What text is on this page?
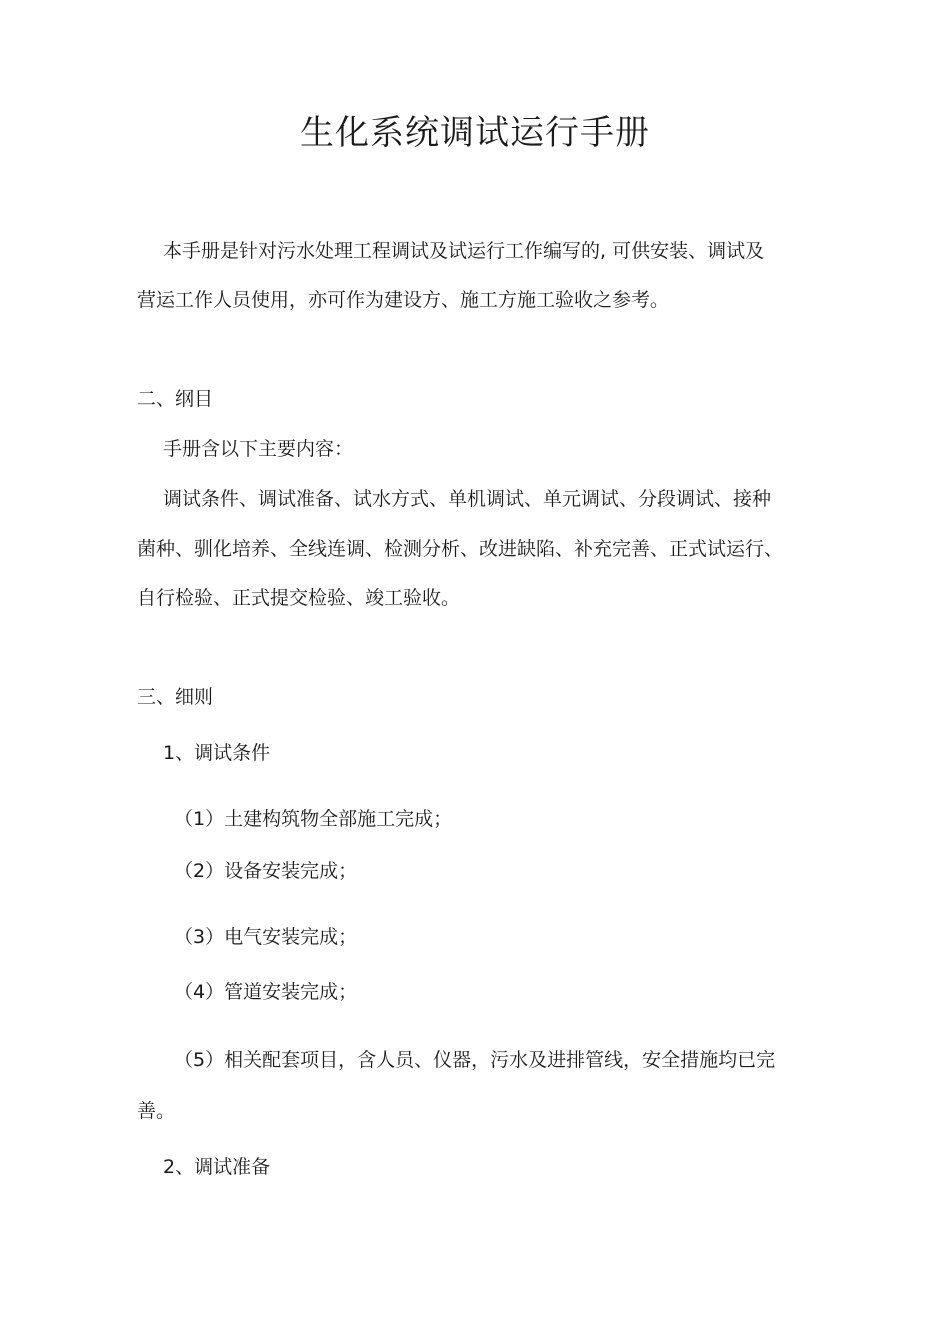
生化系统调试运行手册
本手册是针对污水处理工程调试及试运行工作编写的, 可供安装、调试及
营运工作人员使用，亦可作为建设方、施工方施工验收之参考。
二、纲目
手册含以下主要内容：
调试条件、调试准备、试水方式、单机调试、单元调试、分段调试、接种
菌种、驯化培养、全线连调、检测分析、改进缺陷、补充完善、正式试运行、
自行检验、正式提交检验、竣工验收。
三、细则
1、调试条件
（1）土建构筑物全部施工完成；
（2）设备安装完成；
（3）电气安装完成；
（4）管道安装完成；
（5）相关配套项目，含人员、仪器，污水及进排管线，安全措施均已完
善。
2、调试准备
